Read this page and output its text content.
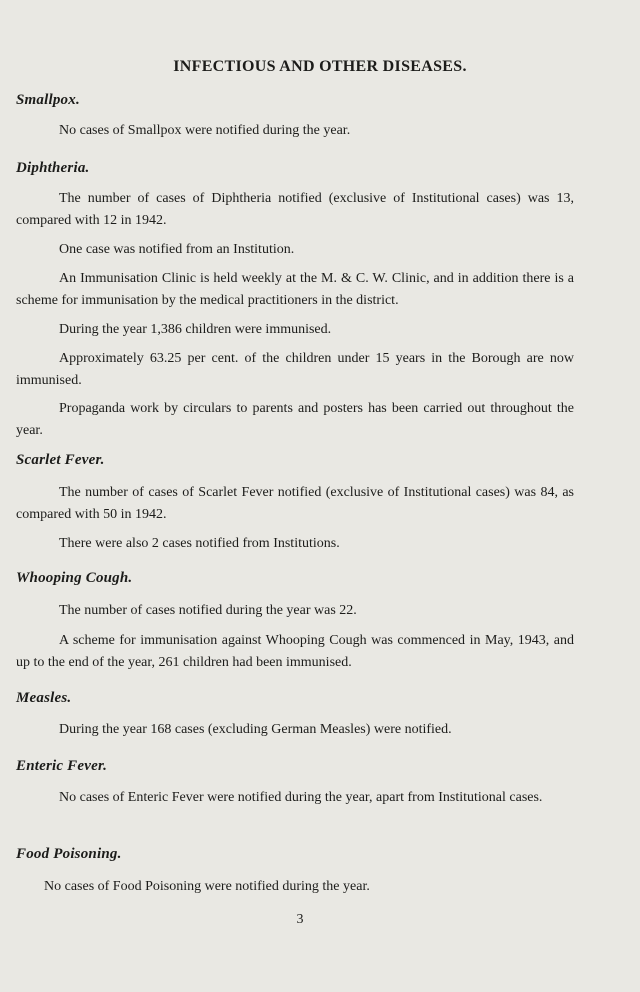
INFECTIOUS AND OTHER DISEASES.
Smallpox.

No cases of Smallpox were notified during the year.

Diphtheria.

The number of cases of Diphtheria notified (exclusive of Institutional cases) was 13, compared with 12 in 1942.

One case was notified from an Institution.

An Immunisation Clinic is held weekly at the M. & C. W. Clinic, and in addition there is a scheme for immunisation by the medical practitioners in the district.

During the year 1,386 children were immunised.

Approximately 63.25 per cent. of the children under 15 years in the Borough are now immunised.

Propaganda work by circulars to parents and posters has been carried out throughout the year.

Scarlet Fever.

The number of cases of Scarlet Fever notified (exclusive of Institutional cases) was 84, as compared with 50 in 1942.

There were also 2 cases notified from Institutions.

Whooping Cough.

The number of cases notified during the year was 22.

A scheme for immunisation against Whooping Cough was commenced in May, 1943, and up to the end of the year, 261 children had been immunised.

Measles.

During the year 168 cases (excluding German Measles) were notified.

Enteric Fever.

No cases of Enteric Fever were notified during the year, apart from Institutional cases.

Food Poisoning.

No cases of Food Poisoning were notified during the year.

3
